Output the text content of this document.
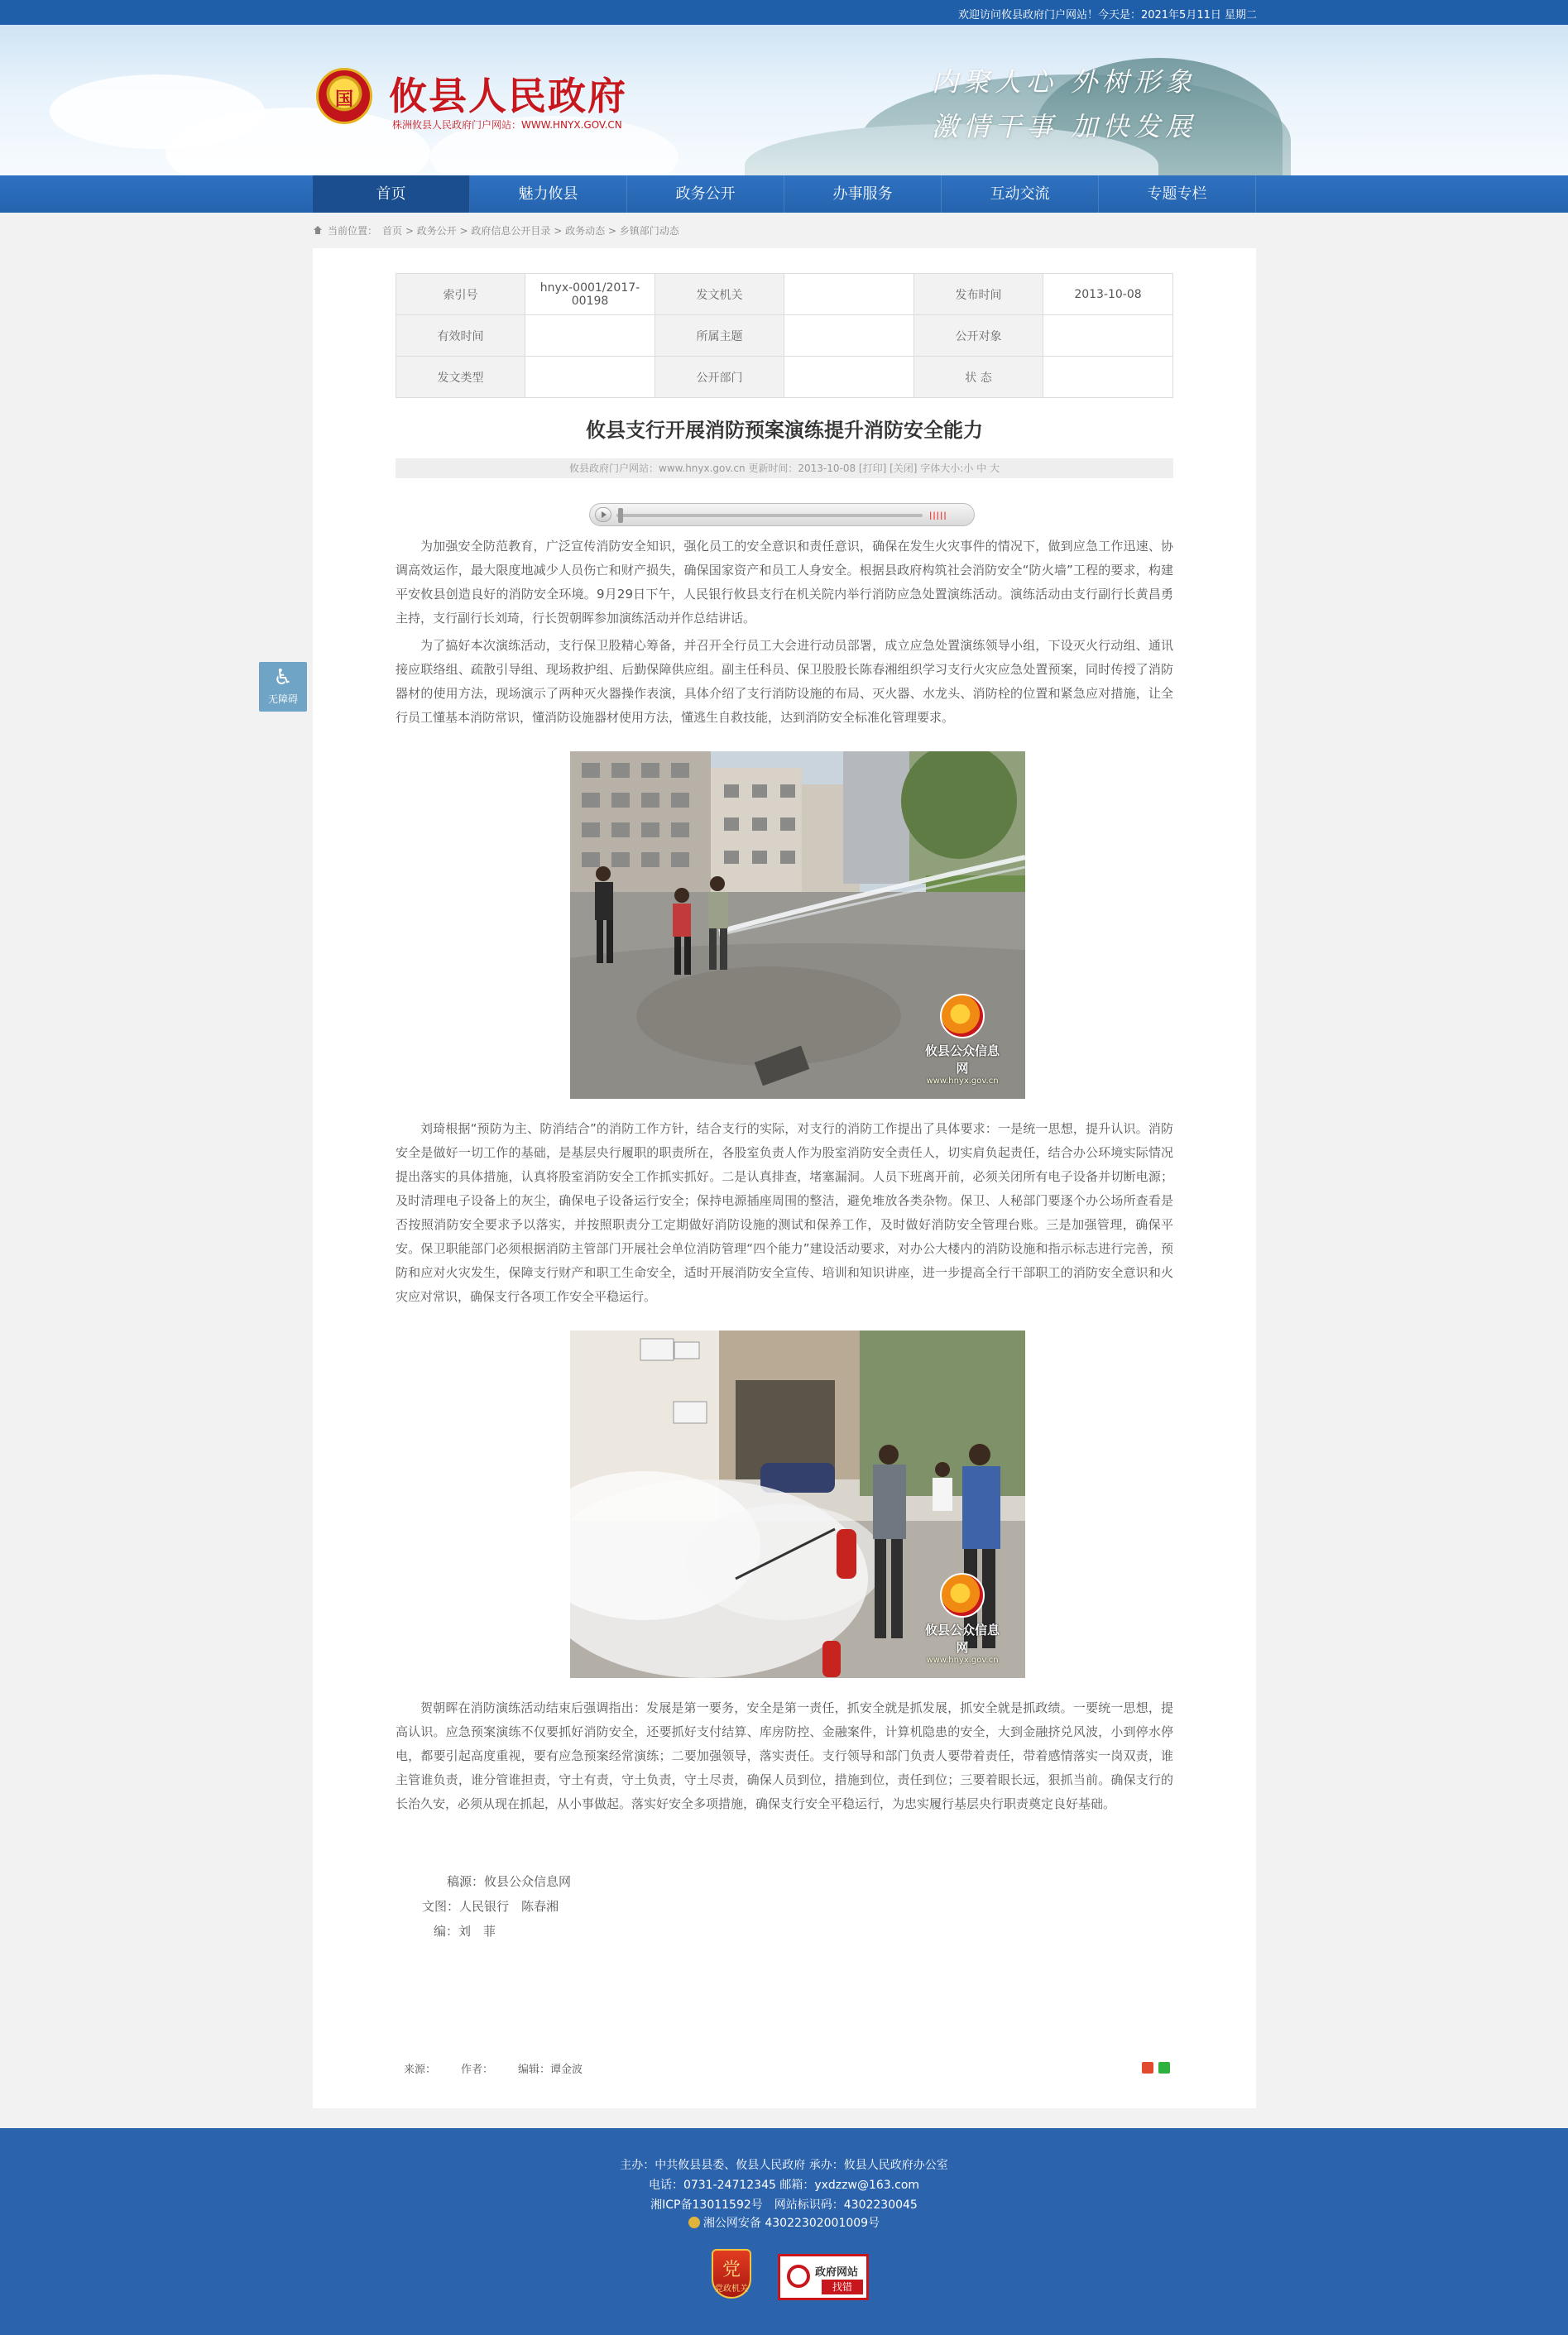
欢迎访问攸县政府门户网站！今天是：2021年5月11日 星期二
国 攸县人民政府
株洲攸县人民政府门户网站：WWW.HNYX.GOV.CN
内聚人心 外树形象
激情干事 加快发展
首页	魅力攸县	政务公开	办事服务	互动交流	专题专栏
当前位置： 首页 > 政务公开 > 政府信息公开目录 > 政务动态 > 乡镇部门动态
♿
无障碍
索引号	hnyx-0001/2017-00198	发文机关		发布时间	2013-10-08
有效时间		所属主题		公开对象	
发文类型		公开部门		状 态	
攸县支行开展消防预案演练提升消防安全能力
攸县政府门户网站：www.hnyx.gov.cn 更新时间：2013-10-08 [打印] [关闭] 字体大小:小 中 大
lllll

为加强安全防范教育，广泛宣传消防安全知识，强化员工的安全意识和责任意识，确保在发生火灾事件的情况下，做到应急工作迅速、协调高效运作，最大限度地减少人员伤亡和财产损失，确保国家资产和员工人身安全。根据县政府构筑社会消防安全“防火墙”工程的要求，构建平安攸县创造良好的消防安全环境。9月29日下午，人民银行攸县支行在机关院内举行消防应急处置演练活动。演练活动由支行副行长黄昌勇主持，支行副行长刘琦，行长贺朝晖参加演练活动并作总结讲话。

为了搞好本次演练活动，支行保卫股精心筹备，并召开全行员工大会进行动员部署，成立应急处置演练领导小组，下设灭火行动组、通讯接应联络组、疏散引导组、现场救护组、后勤保障供应组。副主任科员、保卫股股长陈春湘组织学习支行火灾应急处置预案，同时传授了消防器材的使用方法，现场演示了两种灭火器操作表演，具体介绍了支行消防设施的布局、灭火器、水龙头、消防栓的位置和紧急应对措施，让全行员工懂基本消防常识，懂消防设施器材使用方法，懂逃生自救技能，达到消防安全标准化管理要求。

攸县公众信息网
www.hnyx.gov.cn

刘琦根据“预防为主、防消结合”的消防工作方针，结合支行的实际，对支行的消防工作提出了具体要求：一是统一思想，提升认识。消防安全是做好一切工作的基础，是基层央行履职的职责所在，各股室负责人作为股室消防安全责任人，切实肩负起责任，结合办公环境实际情况提出落实的具体措施，认真将股室消防安全工作抓实抓好。二是认真排查，堵塞漏洞。人员下班离开前，必须关闭所有电子设备并切断电源；及时清理电子设备上的灰尘，确保电子设备运行安全；保持电源插座周围的整洁，避免堆放各类杂物。保卫、人秘部门要逐个办公场所查看是否按照消防安全要求予以落实，并按照职责分工定期做好消防设施的测试和保养工作，及时做好消防安全管理台账。三是加强管理，确保平安。保卫职能部门必须根据消防主管部门开展社会单位消防管理“四个能力”建设活动要求，对办公大楼内的消防设施和指示标志进行完善，预防和应对火灾发生，保障支行财产和职工生命安全，适时开展消防安全宣传、培训和知识讲座，进一步提高全行干部职工的消防安全意识和火灾应对常识，确保支行各项工作安全平稳运行。

攸县公众信息网
www.hnyx.gov.cn

贺朝晖在消防演练活动结束后强调指出：发展是第一要务，安全是第一责任，抓安全就是抓发展，抓安全就是抓政绩。一要统一思想，提高认识。应急预案演练不仅要抓好消防安全，还要抓好支付结算、库房防控、金融案件，计算机隐患的安全，大到金融挤兑风波，小到停水停电，都要引起高度重视，要有应急预案经常演练；二要加强领导，落实责任。支行领导和部门负责人要带着责任，带着感情落实一岗双责，谁主管谁负责，谁分管谁担责，守土有责，守土负责，守土尽责，确保人员到位，措施到位，责任到位；三要着眼长远，狠抓当前。确保支行的长治久安，必须从现在抓起，从小事做起。落实好安全多项措施，确保支行安全平稳运行，为忠实履行基层央行职责奠定良好基础。

稿源：攸县公众信息网
文图：人民银行　陈春湘
编：刘　菲
来源： 作者： 编辑：谭金波

主办：中共攸县县委、攸县人民政府 承办：攸县人民政府办公室

电话：0731-24712345 邮箱：yxdzzw@163.com

湘ICP备13011592号　网站标识码：4302230045

湘公网安备 43022302001009号

党
党政机关
政府网站
找错
